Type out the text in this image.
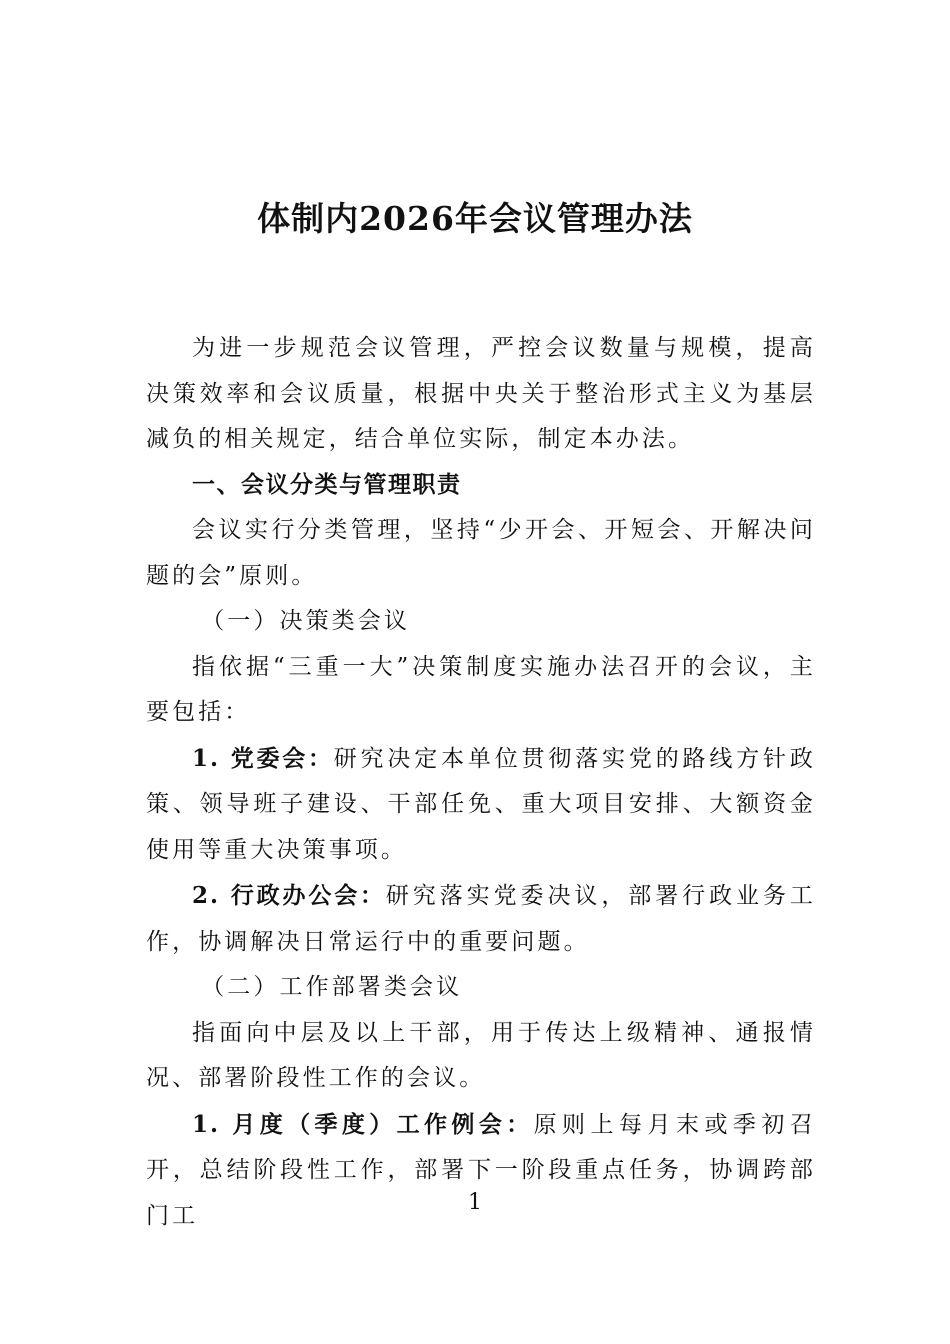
体制内2026年会议管理办法

为进一步规范会议管理，严控会议数量与规模，提高决策效率和会议质量，根据中央关于整治形式主义为基层减负的相关规定，结合单位实际，制定本办法。

一、会议分类与管理职责

会议实行分类管理，坚持“少开会、开短会、开解决问题的会”原则。

（一）决策类会议

指依据“三重一大”决策制度实施办法召开的会议，主要包括：

1. 党委会：研究决定本单位贯彻落实党的路线方针政策、领导班子建设、干部任免、重大项目安排、大额资金使用等重大决策事项。

2. 行政办公会：研究落实党委决议，部署行政业务工作，协调解决日常运行中的重要问题。

（二）工作部署类会议

指面向中层及以上干部，用于传达上级精神、通报情况、部署阶段性工作的会议。

1. 月度（季度）工作例会：原则上每月末或季初召开，总结阶段性工作，部署下一阶段重点任务，协调跨部门工	1
